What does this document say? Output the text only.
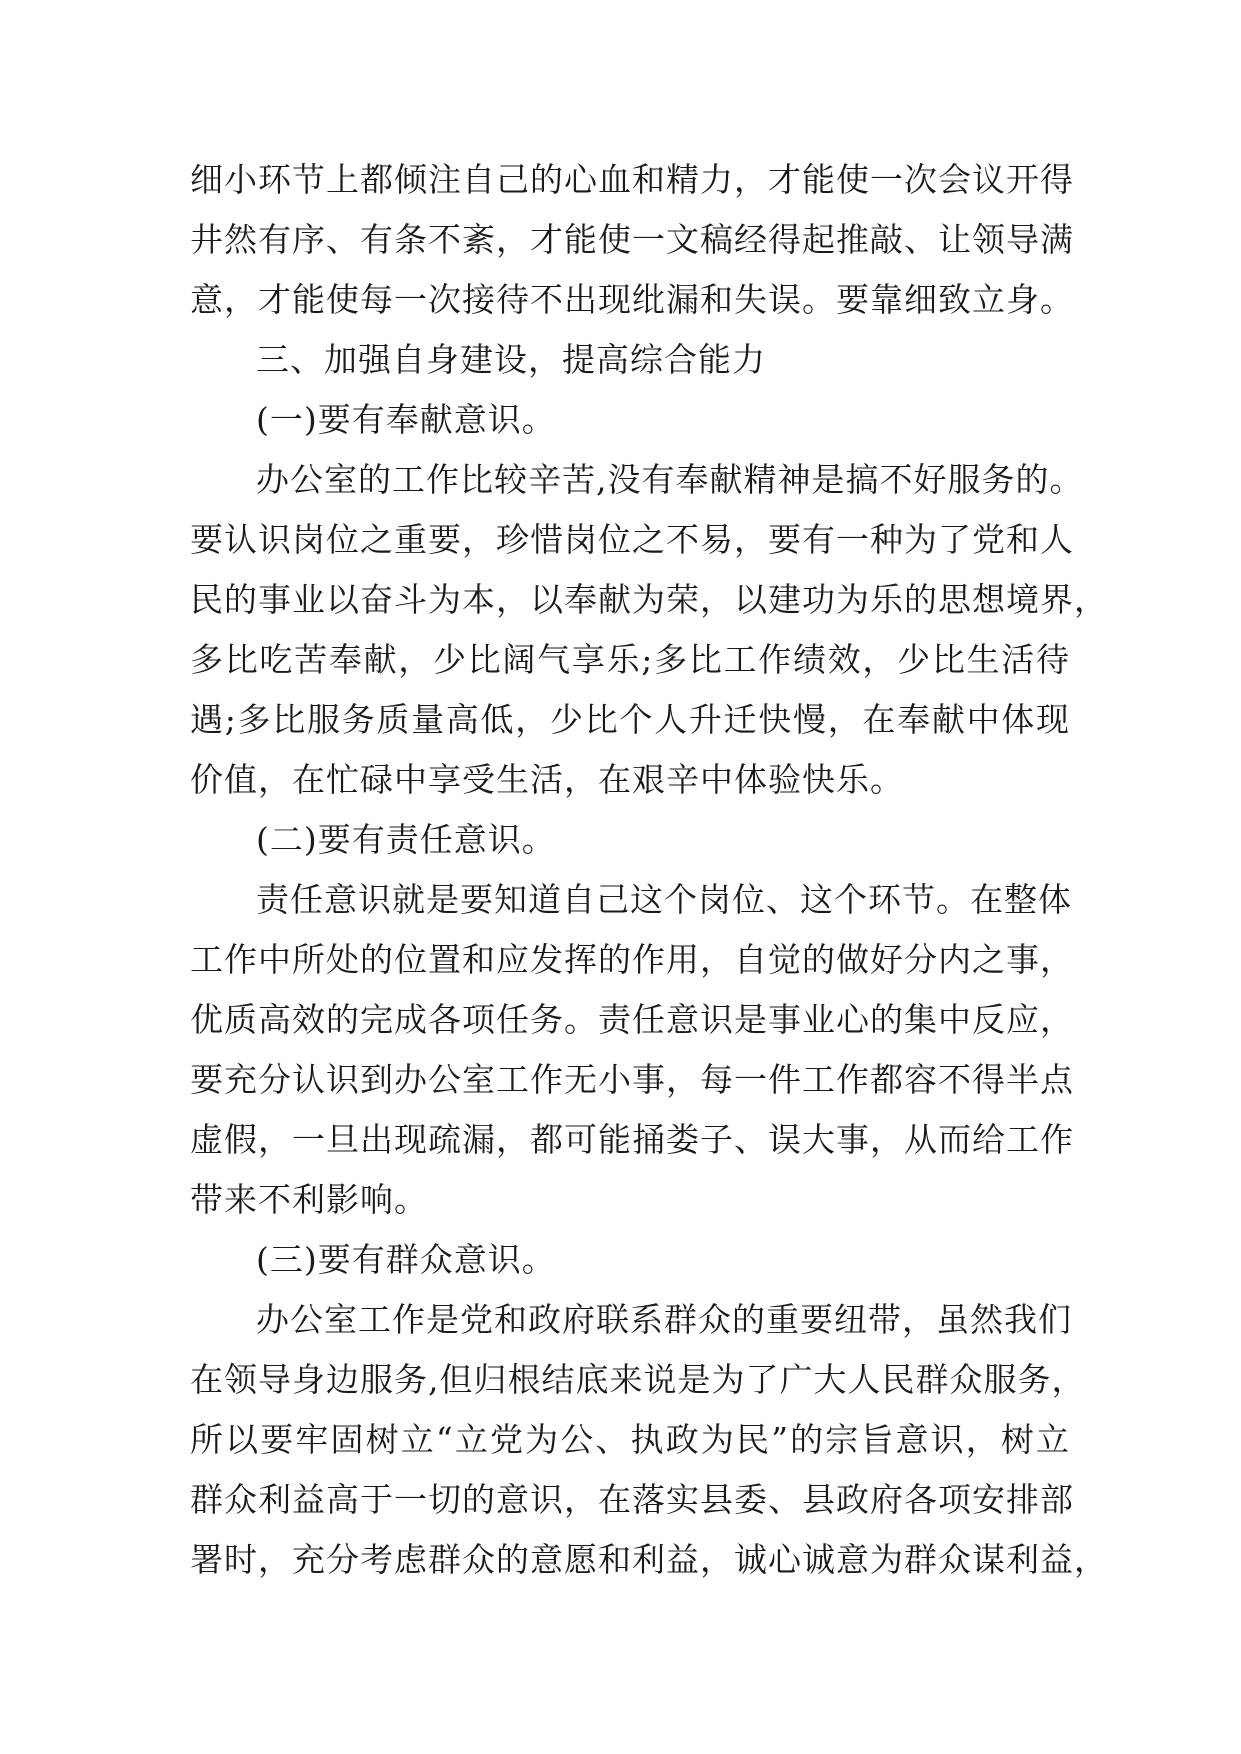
细小环节上都倾注自己的心血和精力，才能使一次会议开得
井然有序、有条不紊，才能使一文稿经得起推敲、让领导满
意，才能使每一次接待不出现纰漏和失误。要靠细致立身。
三、加强自身建设，提高综合能力
(一)要有奉献意识。
办公室的工作比较辛苦,没有奉献精神是搞不好服务的。
要认识岗位之重要，珍惜岗位之不易，要有一种为了党和人
民的事业以奋斗为本，以奉献为荣，以建功为乐的思想境界，
多比吃苦奉献，少比阔气享乐;多比工作绩效，少比生活待
遇;多比服务质量高低，少比个人升迁快慢，在奉献中体现
价值，在忙碌中享受生活，在艰辛中体验快乐。
(二)要有责任意识。
责任意识就是要知道自己这个岗位、这个环节。在整体
工作中所处的位置和应发挥的作用，自觉的做好分内之事，
优质高效的完成各项任务。责任意识是事业心的集中反应，
要充分认识到办公室工作无小事，每一件工作都容不得半点
虚假，一旦出现疏漏，都可能捅娄子、误大事，从而给工作
带来不利影响。
(三)要有群众意识。
办公室工作是党和政府联系群众的重要纽带，虽然我们
在领导身边服务,但归根结底来说是为了广大人民群众服务，
所以要牢固树立“立党为公、执政为民”的宗旨意识，树立
群众利益高于一切的意识，在落实县委、县政府各项安排部
署时，充分考虑群众的意愿和利益，诚心诚意为群众谋利益，
